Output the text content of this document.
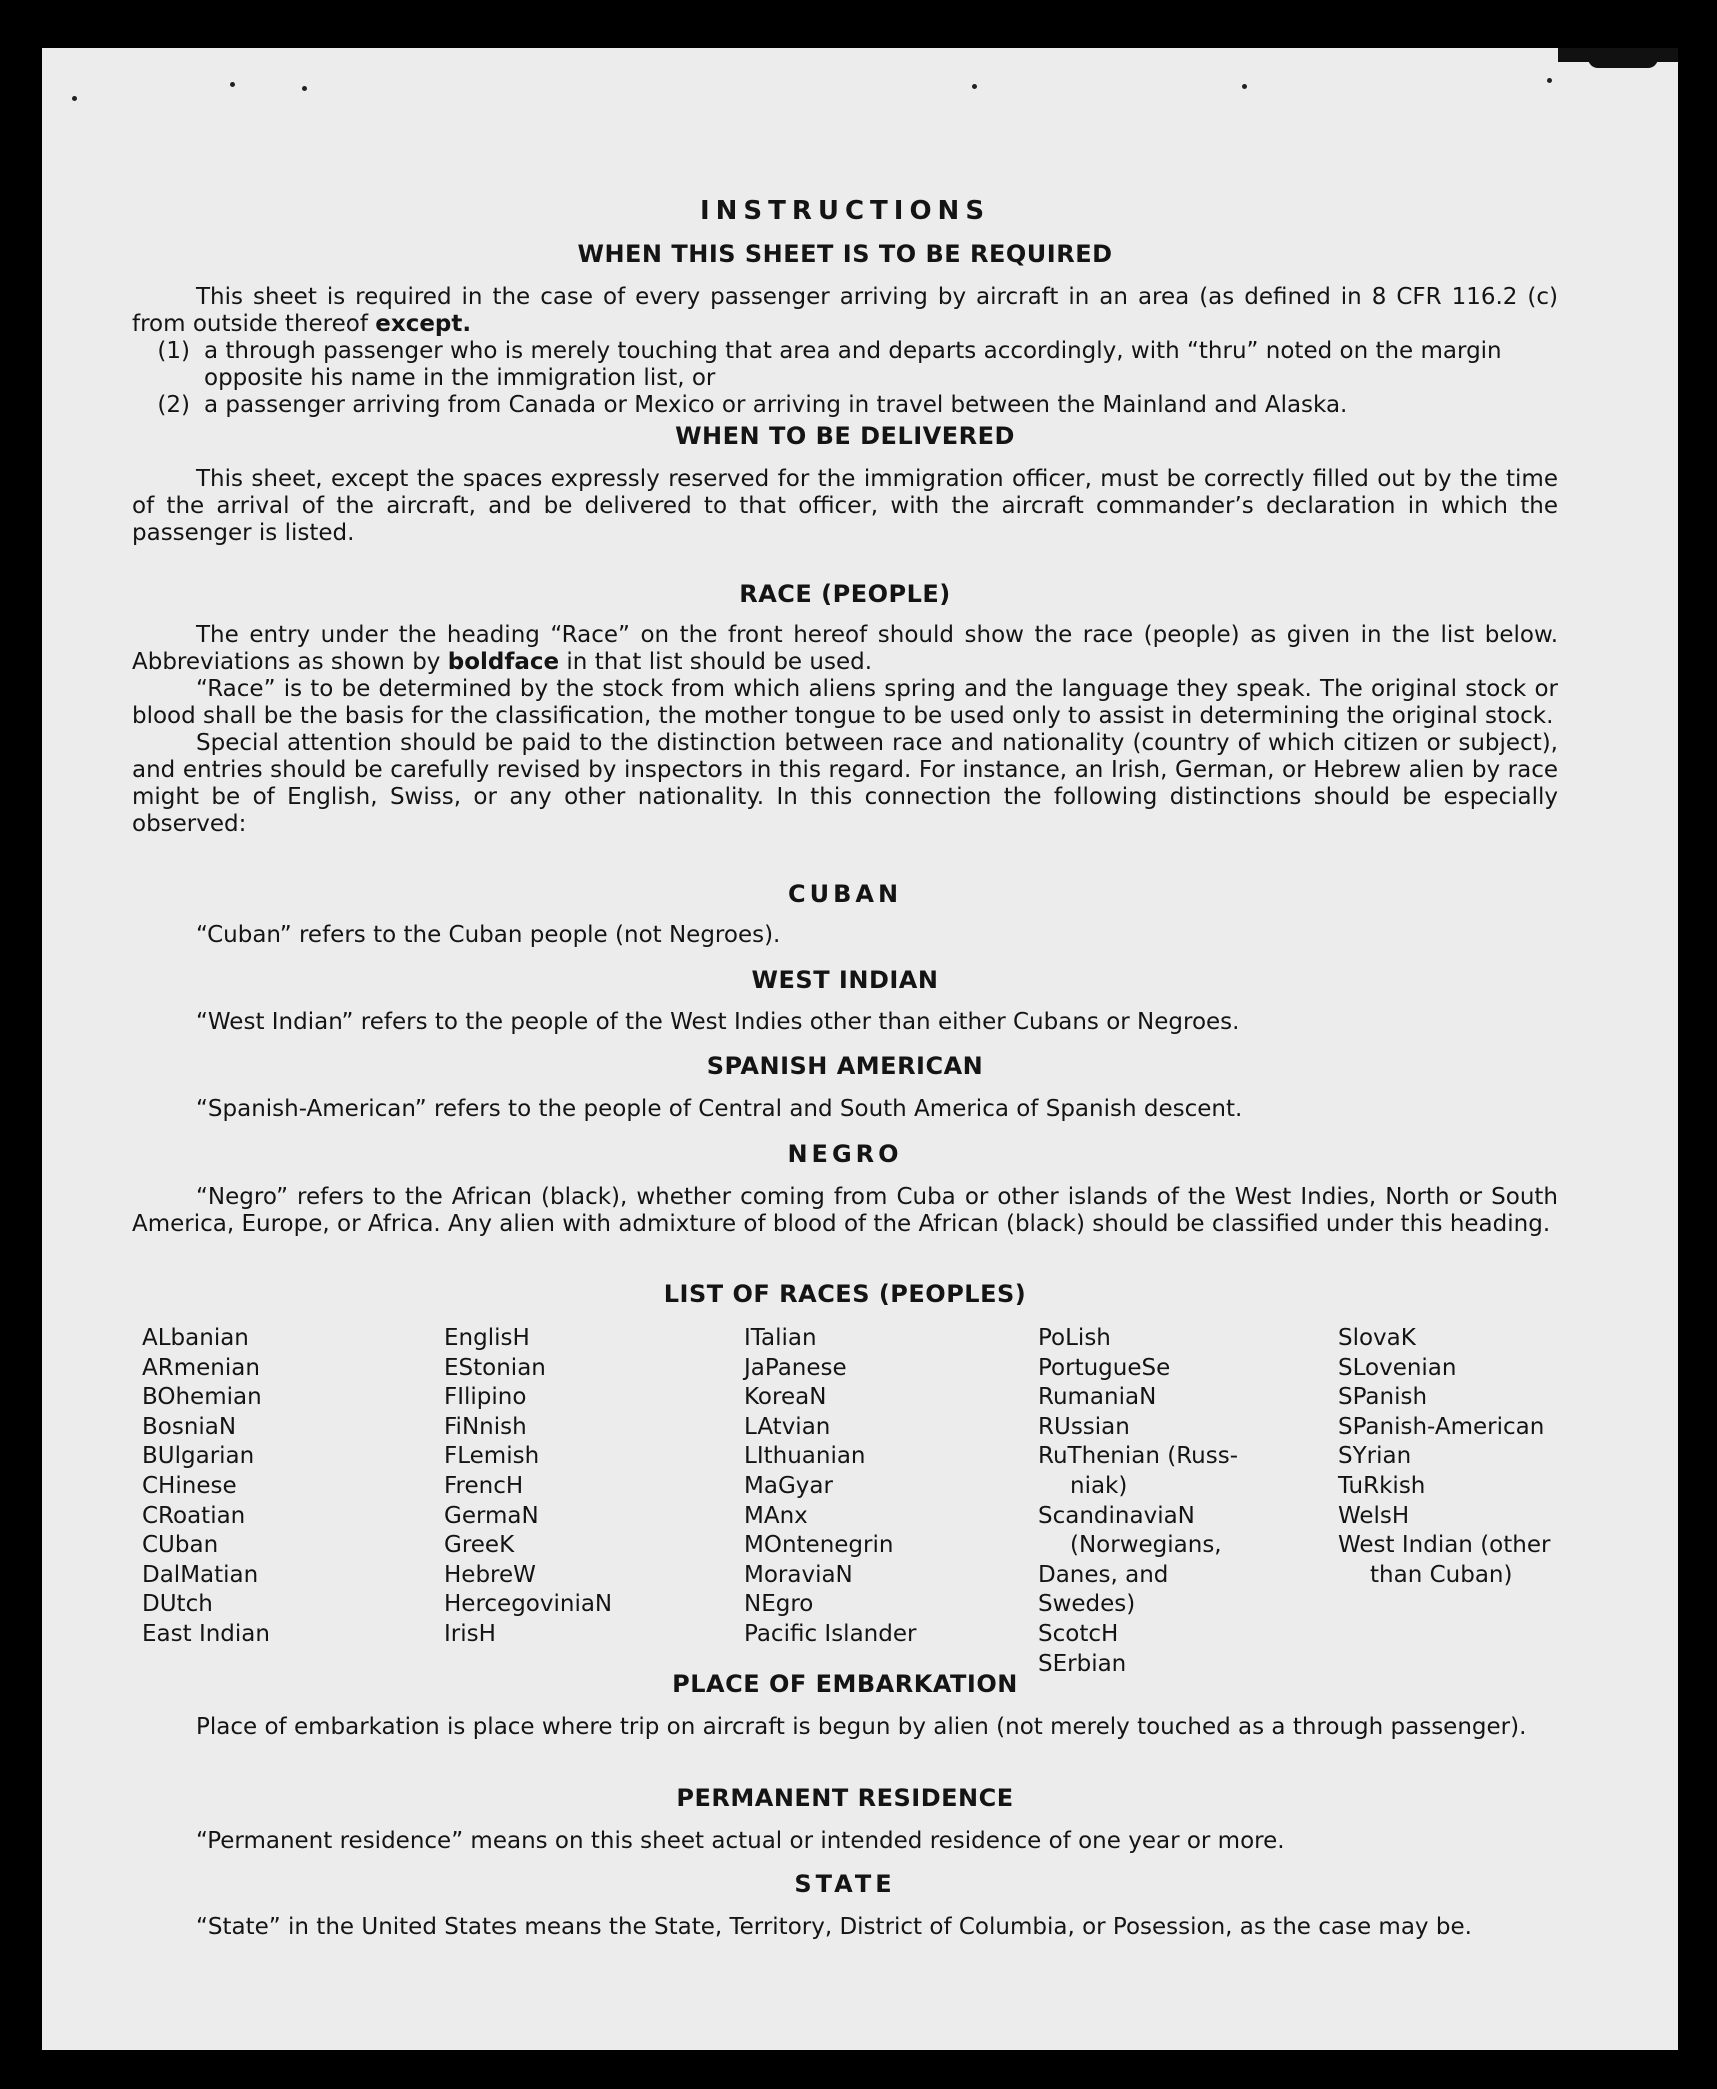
INSTRUCTIONS
WHEN THIS SHEET IS TO BE REQUIRED
This sheet is required in the case of every passenger arriving by aircraft in an area (as defined in 8 CFR 116.2 (c) from outside thereof except.
(1) a through passenger who is merely touching that area and departs accordingly, with “thru” noted on the margin opposite his name in the immigration list, or
(2) a passenger arriving from Canada or Mexico or arriving in travel between the Mainland and Alaska.
WHEN TO BE DELIVERED
This sheet, except the spaces expressly reserved for the immigration officer, must be correctly filled out by the time of the arrival of the aircraft, and be delivered to that officer, with the aircraft commander’s declaration in which the passenger is listed.
RACE (PEOPLE)
The entry under the heading “Race” on the front hereof should show the race (people) as given in the list below. Abbreviations as shown by boldface in that list should be used.
“Race” is to be determined by the stock from which aliens spring and the language they speak. The original stock or blood shall be the basis for the classification, the mother tongue to be used only to assist in determining the original stock.
Special attention should be paid to the distinction between race and nationality (country of which citizen or subject), and entries should be carefully revised by inspectors in this regard. For instance, an Irish, German, or Hebrew alien by race might be of English, Swiss, or any other nationality. In this connection the following distinctions should be especially observed:
CUBAN
“Cuban” refers to the Cuban people (not Negroes).
WEST INDIAN
“West Indian” refers to the people of the West Indies other than either Cubans or Negroes.
SPANISH AMERICAN
“Spanish-American” refers to the people of Central and South America of Spanish descent.
NEGRO
“Negro” refers to the African (black), whether coming from Cuba or other islands of the West Indies, North or South America, Europe, or Africa. Any alien with admixture of blood of the African (black) should be classified under this heading.
LIST OF RACES (PEOPLES)
ALbanian
ARmenian
BOhemian
BosniaN
BUlgarian
CHinese
CRoatian
CUban
DalMatian
DUtch
East Indian
EnglisH
EStonian
FIlipino
FiNnish
FLemish
FrencH
GermaN
GreeK
HebreW
HercegoviniaN
IrisH
ITalian
JaPanese
KoreaN
LAtvian
LIthuanian
MaGyar
MAnx
MOntenegrin
MoraviaN
NEgro
Pacific Islander
PoLish
PortugueSe
RumaniaN
RUssian
RuThenian (Russ-
niak)
ScandinaviaN
(Norwegians,
Danes, and
Swedes)
ScotcH
SErbian
SlovaK
SLovenian
SPanish
SPanish-American
SYrian
TuRkish
WelsH
West Indian (other
than Cuban)
PLACE OF EMBARKATION
Place of embarkation is place where trip on aircraft is begun by alien (not merely touched as a through passenger).
PERMANENT RESIDENCE
“Permanent residence” means on this sheet actual or intended residence of one year or more.
STATE
“State” in the United States means the State, Territory, District of Columbia, or Posession, as the case may be.
